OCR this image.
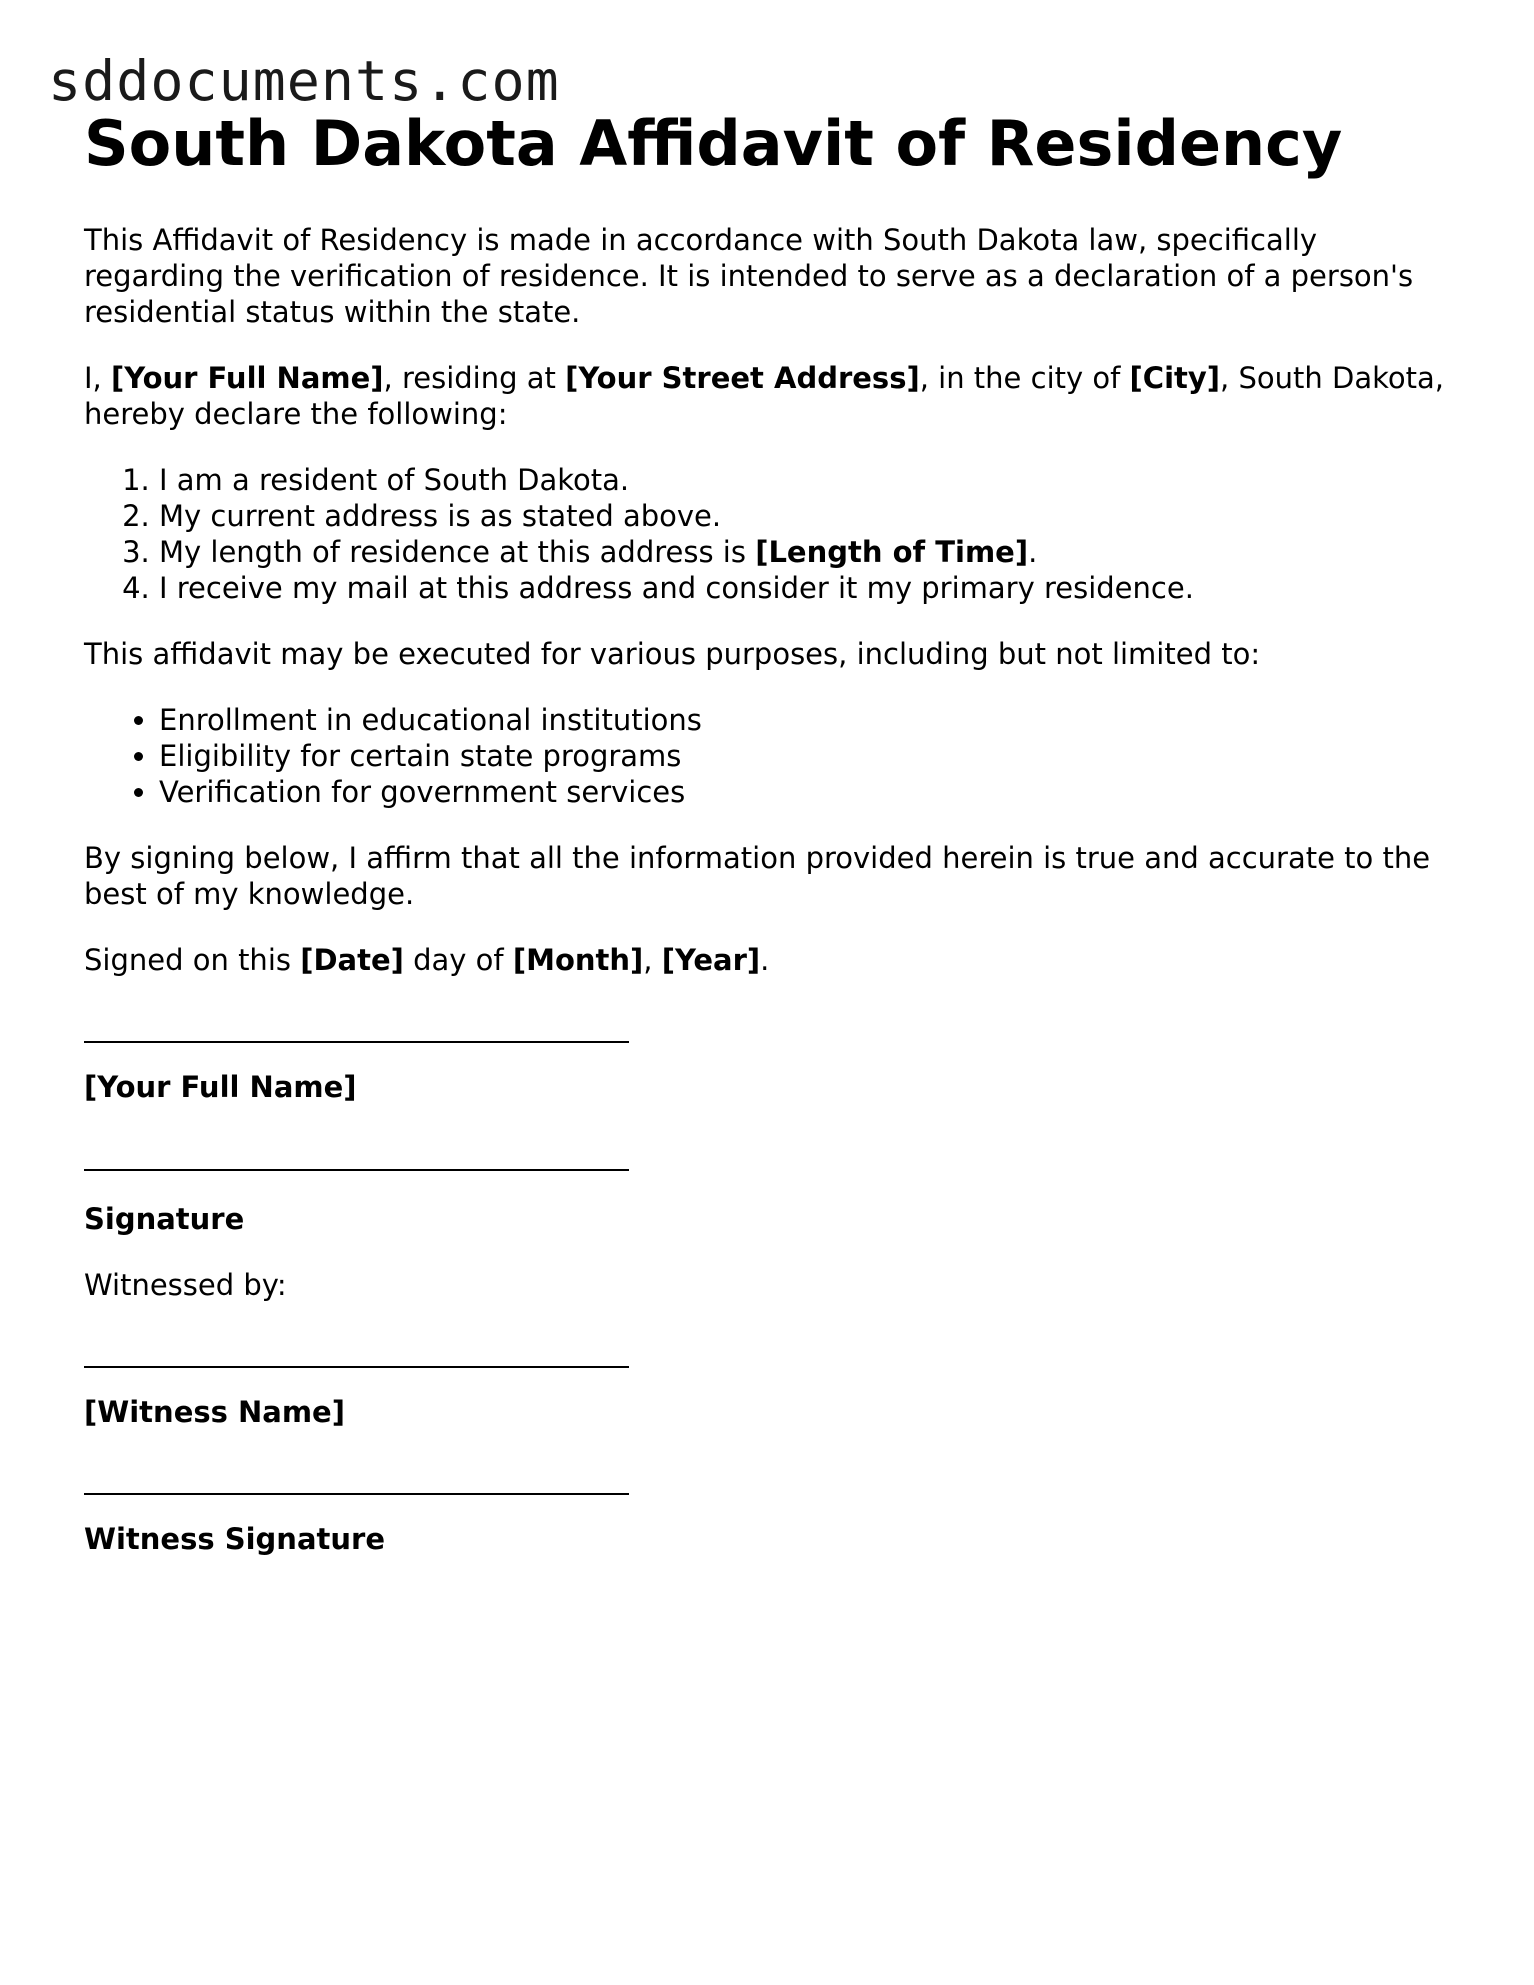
sddocuments.com
South Dakota Affidavit of Residency

This Affidavit of Residency is made in accordance with South Dakota law, specifically regarding the verification of residence. It is intended to serve as a declaration of a person's residential status within the state.

I, [Your Full Name], residing at [Your Street Address], in the city of [City], South Dakota, hereby declare the following:

1. I am a resident of South Dakota.
2. My current address is as stated above.
3. My length of residence at this address is [Length of Time].
4. I receive my mail at this address and consider it my primary residence.

This affidavit may be executed for various purposes, including but not limited to:

• Enrollment in educational institutions
• Eligibility for certain state programs
• Verification for government services

By signing below, I affirm that all the information provided herein is true and accurate to the best of my knowledge.

Signed on this [Date] day of [Month], [Year].

[Your Full Name]
Signature

Witnessed by:

[Witness Name]
Witness Signature
